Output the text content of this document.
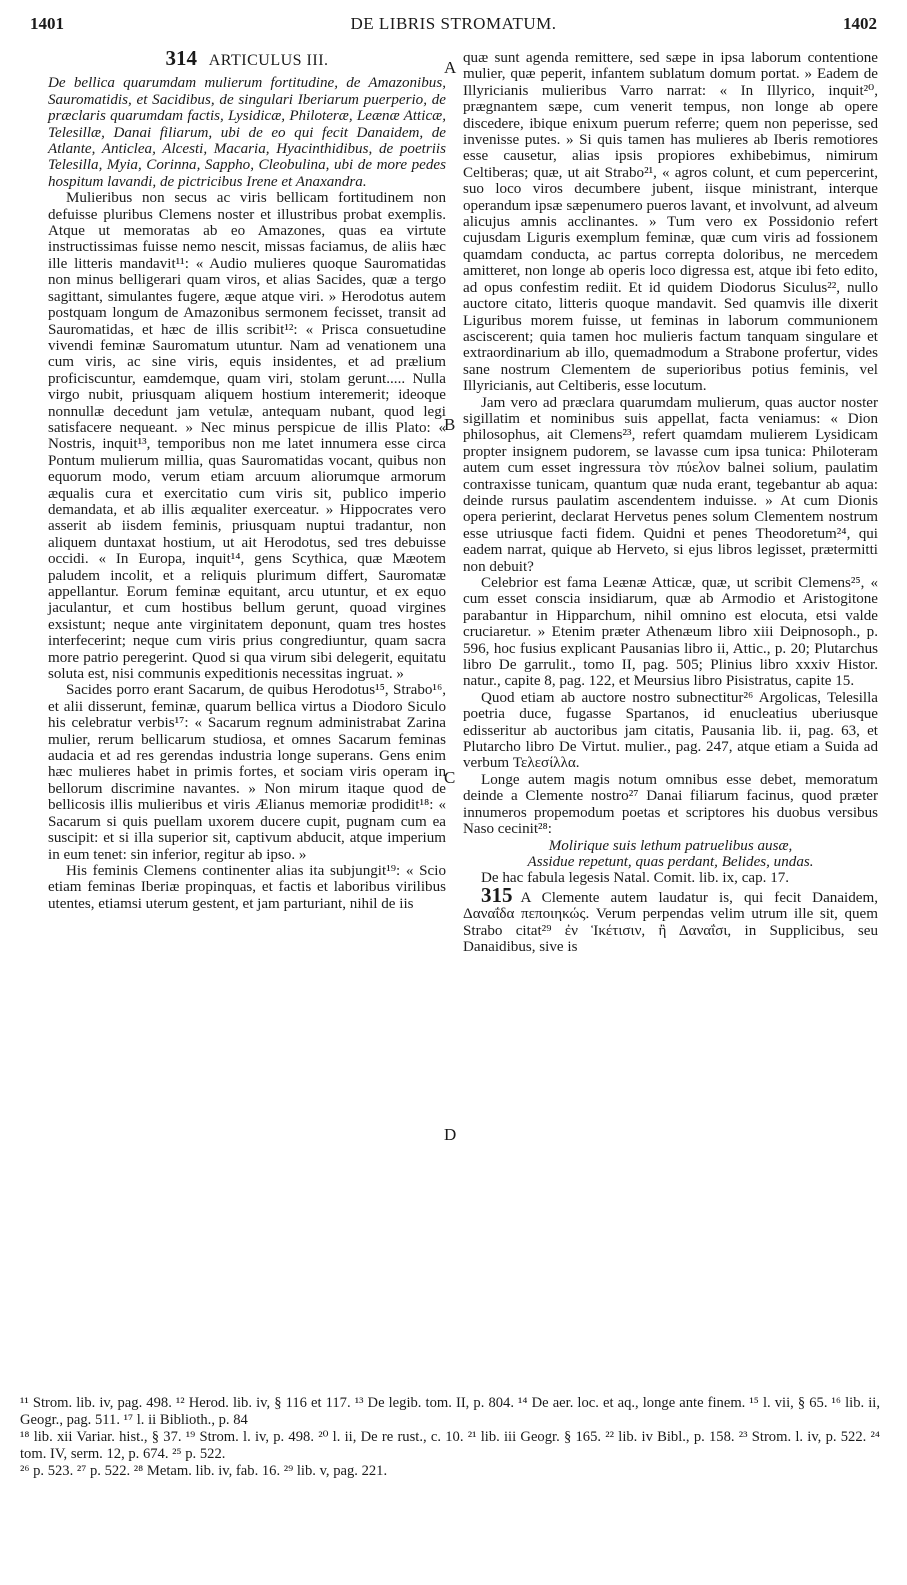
1401	DE LIBRIS STROMATUM.	1402
314 ARTICULUS III.

De bellica quarumdam mulierum fortitudine, de Amazonibus, Sauromatidis, et Sacidibus, de singulari Iberiarum puerperio, de præclaris quarumdam factis, Lysidicæ, Philoteræ, Leænæ Atticæ, Telesillæ, Danai filiarum, ubi de eo qui fecit Danaidem, de Atlante, Anticlea, Alcesti, Macaria, Hyacinthidibus, de poetriis Telesilla, Myia, Corinna, Sappho, Cleobulina, ubi de more pedes hospitum lavandi, de pictricibus Irene et Anaxandra.

Mulieribus non secus ac viris bellicam fortitudinem non defuisse pluribus Clemens noster et illustribus probat exemplis. Atque ut memoratas ab eo Amazones, quas ea virtute instructissimas fuisse nemo nescit, missas faciamus, de aliis hæc ille litteris mandavit¹¹: « Audio mulieres quoque Sauromatidas non minus belligerari quam viros, et alias Sacides, quæ a tergo sagittant, simulantes fugere, æque atque viri. » Herodotus autem postquam longum de Amazonibus sermonem fecisset, transit ad Sauromatidas, et hæc de illis scribit¹²: « Prisca consuetudine vivendi feminæ Sauromatum utuntur. Nam ad venationem una cum viris, ac sine viris, equis insidentes, et ad prælium proficiscuntur, eamdemque, quam viri, stolam gerunt..... Nulla virgo nubit, priusquam aliquem hostium interemerit; ideoque nonnullæ decedunt jam vetulæ, antequam nubant, quod legi satisfacere nequeant. » Nec minus perspicue de illis Plato: « Nostris, inquit¹³, temporibus non me latet innumera esse circa Pontum mulierum millia, quas Sauromatidas vocant, quibus non equorum modo, verum etiam arcuum aliorumque armorum æqualis cura et exercitatio cum viris sit, publico imperio demandata, et ab illis æqualiter exerceatur. » Hippocrates vero asserit ab iisdem feminis, priusquam nuptui tradantur, non aliquem duntaxat hostium, ut ait Herodotus, sed tres debuisse occidi. « In Europa, inquit¹⁴, gens Scythica, quæ Mæotem paludem incolit, et a reliquis plurimum differt, Sauromatæ appellantur. Eorum feminæ equitant, arcu utuntur, et ex equo jaculantur, et cum hostibus bellum gerunt, quoad virgines exsistunt; neque ante virginitatem deponunt, quam tres hostes interfecerint; neque cum viris prius congrediuntur, quam sacra more patrio peregerint. Quod si qua virum sibi delegerit, equitatu soluta est, nisi communis expeditionis necessitas ingruat. »

Sacides porro erant Sacarum, de quibus Herodotus¹⁵, Strabo¹⁶, et alii disserunt, feminæ, quarum bellica virtus a Diodoro Siculo his celebratur verbis¹⁷: « Sacarum regnum administrabat Zarina mulier, rerum bellicarum studiosa, et omnes Sacarum feminas audacia et ad res gerendas industria longe superans. Gens enim hæc mulieres habet in primis fortes, et sociam viris operam in bellorum discrimine navantes. » Non mirum itaque quod de bellicosis illis mulieribus et viris Ælianus memoriæ prodidit¹⁸: « Sacarum si quis puellam uxorem ducere cupit, pugnam cum ea suscipit: et si illa superior sit, captivum abducit, atque imperium in eum tenet: sin inferior, regitur ab ipso. »

His feminis Clemens continenter alias ita subjungit¹⁹: « Scio etiam feminas Iberiæ propinquas, et factis et laboribus virilibus utentes, etiamsi uterum gestent, et jam parturiant, nihil de iis

A
B
C
D

quæ sunt agenda remittere, sed sæpe in ipsa laborum contentione mulier, quæ peperit, infantem sublatum domum portat. » Eadem de Illyricianis mulieribus Varro narrat: « In Illyrico, inquit²⁰, prægnantem sæpe, cum venerit tempus, non longe ab opere discedere, ibique enixum puerum referre; quem non peperisse, sed invenisse putes. » Si quis tamen has mulieres ab Iberis remotiores esse causetur, alias ipsis propiores exhibebimus, nimirum Celtiberas; quæ, ut ait Strabo²¹, « agros colunt, et cum pepercerint, suo loco viros decumbere jubent, iisque ministrant, interque operandum ipsæ sæpenumero pueros lavant, et involvunt, ad alveum alicujus amnis acclinantes. » Tum vero ex Possidonio refert cujusdam Liguris exemplum feminæ, quæ cum viris ad fossionem quamdam conducta, ac partus correpta doloribus, ne mercedem amitteret, non longe ab operis loco digressa est, atque ibi feto edito, ad opus confestim rediit. Et id quidem Diodorus Siculus²², nullo auctore citato, litteris quoque mandavit. Sed quamvis ille dixerit Liguribus morem fuisse, ut feminas in laborum communionem asciscerent; quia tamen hoc mulieris factum tanquam singulare et extraordinarium ab illo, quemadmodum a Strabone profertur, vides sane nostrum Clementem de superioribus potius feminis, vel Illyricianis, aut Celtiberis, esse locutum.

Jam vero ad præclara quarumdam mulierum, quas auctor noster sigillatim et nominibus suis appellat, facta veniamus: « Dion philosophus, ait Clemens²³, refert quamdam mulierem Lysidicam propter insignem pudorem, se lavasse cum ipsa tunica: Philoteram autem cum esset ingressura τὸν πύελον balnei solium, paulatim contraxisse tunicam, quantum quæ nuda erant, tegebantur ab aqua: deinde rursus paulatim ascendentem induisse. » At cum Dionis opera perierint, declarat Hervetus penes solum Clementem nostrum esse utriusque facti fidem. Quidni et penes Theodoretum²⁴, qui eadem narrat, quique ab Herveto, si ejus libros legisset, prætermitti non debuit?

Celebrior est fama Leænæ Atticæ, quæ, ut scribit Clemens²⁵, « cum esset conscia insidiarum, quæ ab Armodio et Aristogitone parabantur in Hipparchum, nihil omnino est elocuta, etsi valde cruciaretur. » Etenim præter Athenæum libro xiii Deipnosoph., p. 596, hoc fusius explicant Pausanias libro ii, Attic., p. 20; Plutarchus libro De garrulit., tomo II, pag. 505; Plinius libro xxxiv Histor. natur., capite 8, pag. 122, et Meursius libro Pisistratus, capite 15.

Quod etiam ab auctore nostro subnectitur²⁶ Argolicas, Telesilla poetria duce, fugasse Spartanos, id enucleatius uberiusque edisseritur ab auctoribus jam citatis, Pausania lib. ii, pag. 63, et Plutarcho libro De Virtut. mulier., pag. 247, atque etiam a Suida ad verbum Τελεσίλλα.

Longe autem magis notum omnibus esse debet, memoratum deinde a Clemente nostro²⁷ Danai filiarum facinus, quod præter innumeros propemodum poetas et scriptores his duobus versibus Naso cecinit²⁸:

Molirique suis lethum patruelibus ausæ,

Assidue repetunt, quas perdant, Belides, undas.

De hac fabula legesis Natal. Comit. lib. ix, cap. 17.

315 A Clemente autem laudatur is, qui fecit Danaidem, Δαναΐδα πεποιηκώς. Verum perpendas velim utrum ille sit, quem Strabo citat²⁹ ἐν Ἱκέτισιν, ἢ Δαναΐσι, in Supplicibus, seu Danaidibus, sive is

¹¹ Strom. lib. iv, pag. 498. ¹² Herod. lib. iv, § 116 et 117. ¹³ De legib. tom. II, p. 804. ¹⁴ De aer. loc. et aq., longe ante finem. ¹⁵ l. vii, § 65. ¹⁶ lib. ii, Geogr., pag. 511. ¹⁷ l. ii Biblioth., p. 84

¹⁸ lib. xii Variar. hist., § 37. ¹⁹ Strom. l. iv, p. 498. ²⁰ l. ii, De re rust., c. 10. ²¹ lib. iii Geogr. § 165. ²² lib. iv Bibl., p. 158. ²³ Strom. l. iv, p. 522. ²⁴ tom. IV, serm. 12, p. 674. ²⁵ p. 522.

²⁶ p. 523. ²⁷ p. 522. ²⁸ Metam. lib. iv, fab. 16. ²⁹ lib. v, pag. 221.
